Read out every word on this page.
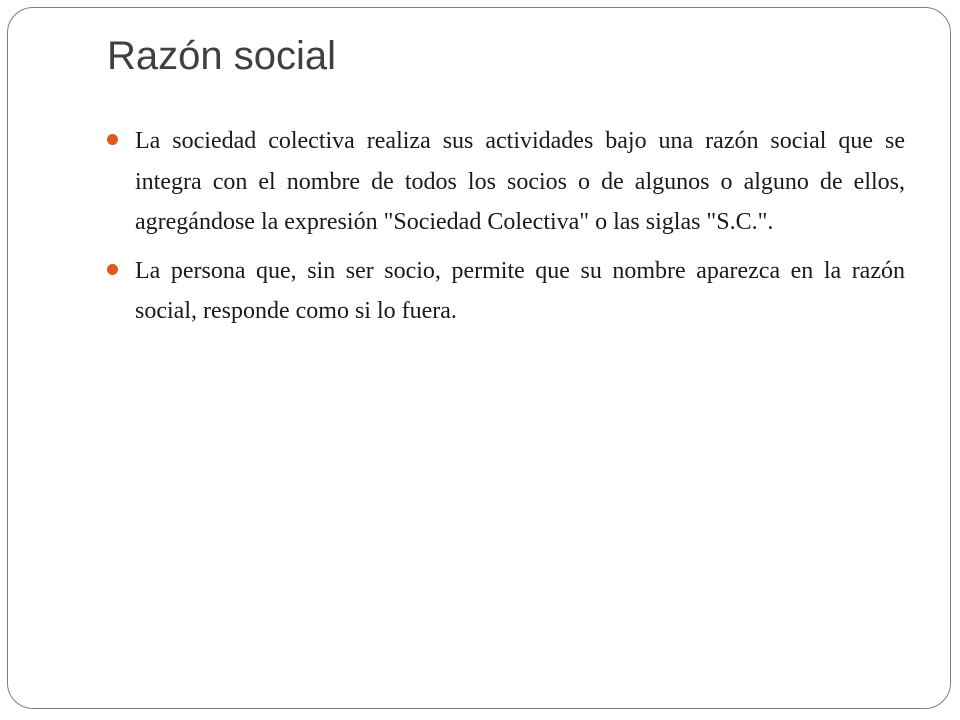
Razón social
La sociedad colectiva realiza sus actividades bajo una razón social que se integra con el nombre de todos los socios o de algunos o alguno de ellos, agregándose la expresión "Sociedad Colectiva" o las siglas "S.C.".
La persona que, sin ser socio, permite que su nombre aparezca en la razón social, responde como si lo fuera.
